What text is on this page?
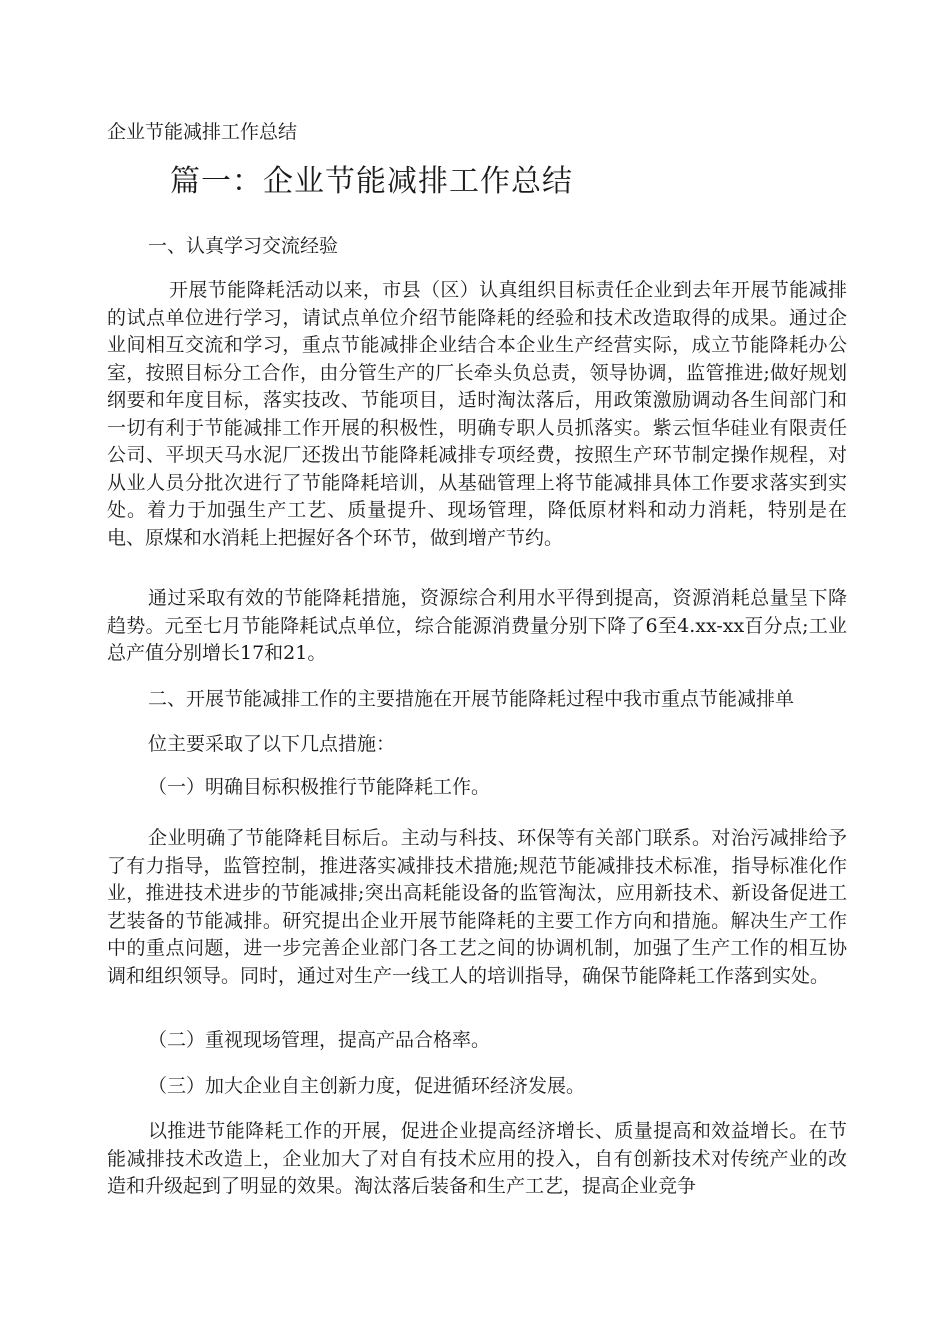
企业节能减排工作总结
篇一：企业节能减排工作总结

一、认真学习交流经验

开展节能降耗活动以来，市县（区）认真组织目标责任企业到去年开展节能减排的试点单位进行学习，请试点单位介绍节能降耗的经验和技术改造取得的成果。通过企业间相互交流和学习，重点节能减排企业结合本企业生产经营实际，成立节能降耗办公室，按照目标分工合作，由分管生产的厂长牵头负总责，领导协调，监管推进;做好规划纲要和年度目标，落实技改、节能项目，适时淘汰落后，用政策激励调动各生间部门和一切有利于节能减排工作开展的积极性，明确专职人员抓落实。紫云恒华硅业有限责任公司、平坝天马水泥厂还拨出节能降耗减排专项经费，按照生产环节制定操作规程，对从业人员分批次进行了节能降耗培训，从基础管理上将节能减排具体工作要求落实到实处。着力于加强生产工艺、质量提升、现场管理，降低原材料和动力消耗，特别是在电、原煤和水消耗上把握好各个环节，做到增产节约。

通过采取有效的节能降耗措施，资源综合利用水平得到提高，资源消耗总量呈下降趋势。元至七月节能降耗试点单位，综合能源消费量分别下降了6至4.xx-xx百分点;工业总产值分别增长17和21。

二、开展节能减排工作的主要措施在开展节能降耗过程中我市重点节能减排单

位主要采取了以下几点措施：

（一）明确目标积极推行节能降耗工作。

企业明确了节能降耗目标后。主动与科技、环保等有关部门联系。对治污减排给予了有力指导，监管控制，推进落实减排技术措施;规范节能减排技术标准，指导标准化作业，推进技术进步的节能减排;突出高耗能设备的监管淘汰，应用新技术、新设备促进工艺装备的节能减排。研究提出企业开展节能降耗的主要工作方向和措施。解决生产工作中的重点问题，进一步完善企业部门各工艺之间的协调机制，加强了生产工作的相互协调和组织领导。同时，通过对生产一线工人的培训指导，确保节能降耗工作落到实处。

（二）重视现场管理，提高产品合格率。

（三）加大企业自主创新力度，促进循环经济发展。

以推进节能降耗工作的开展，促进企业提高经济增长、质量提高和效益增长。在节能减排技术改造上，企业加大了对自有技术应用的投入，自有创新技术对传统产业的改造和升级起到了明显的效果。淘汰落后装备和生产工艺，提高企业竞争
